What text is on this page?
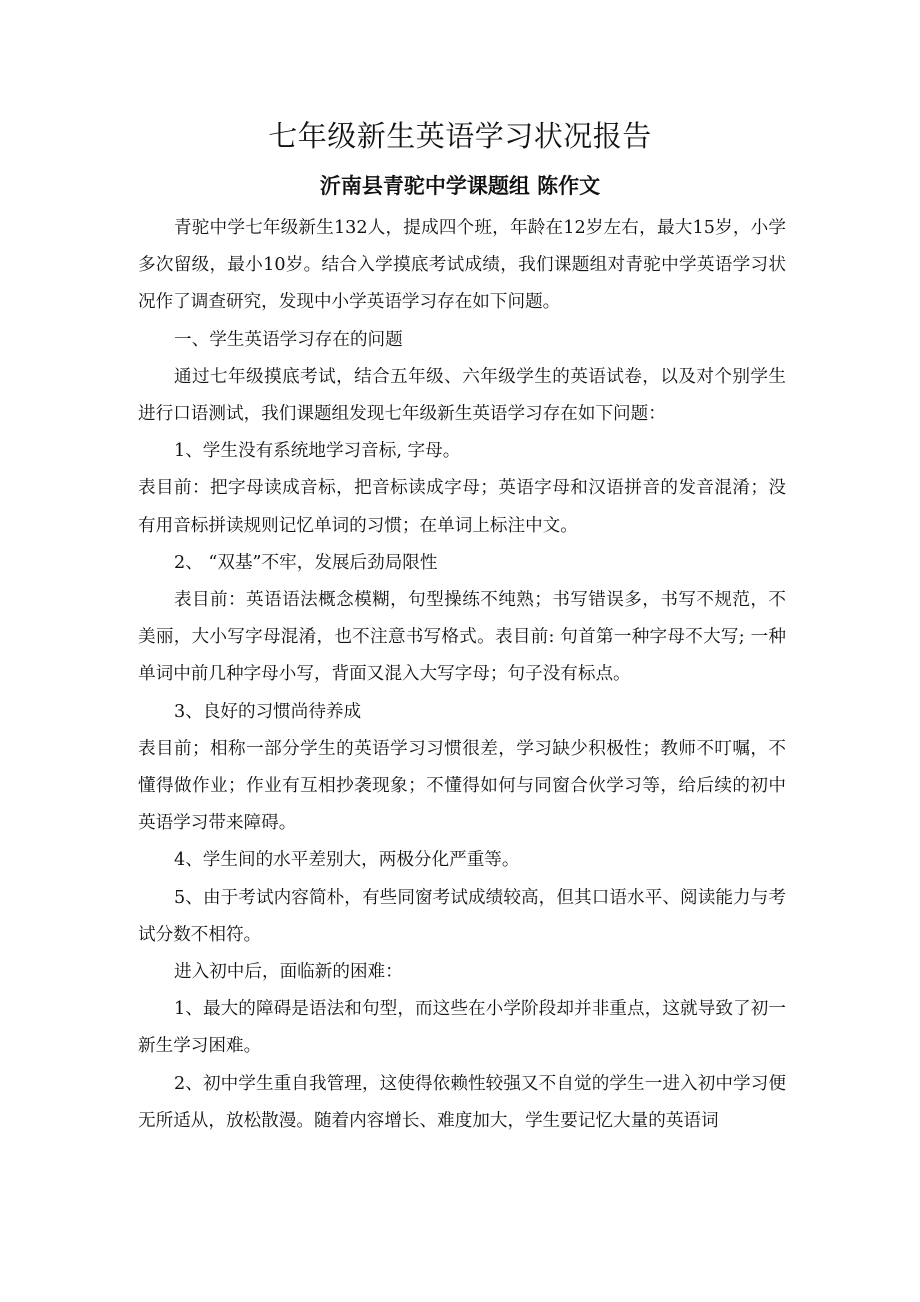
七年级新生英语学习状况报告
沂南县青驼中学课题组 陈作文

青驼中学七年级新生132人，提成四个班，年龄在12岁左右，最大15岁，小学多次留级，最小10岁。结合入学摸底考试成绩，我们课题组对青驼中学英语学习状况作了调查研究，发现中小学英语学习存在如下问题。

一、学生英语学习存在的问题

通过七年级摸底考试，结合五年级、六年级学生的英语试卷，以及对个别学生进行口语测试，我们课题组发现七年级新生英语学习存在如下问题：

1、学生没有系统地学习音标, 字母。

表目前：把字母读成音标，把音标读成字母；英语字母和汉语拼音的发音混淆；没有用音标拼读规则记忆单词的习惯；在单词上标注中文。

2、 “双基”不牢，发展后劲局限性

表目前：英语语法概念模糊，句型操练不纯熟；书写错误多，书写不规范，不美丽，大小写字母混淆，也不注意书写格式。表目前: 句首第一种字母不大写; 一种单词中前几种字母小写，背面又混入大写字母；句子没有标点。

3、良好的习惯尚待养成

表目前；相称一部分学生的英语学习习惯很差，学习缺少积极性；教师不叮嘱，不懂得做作业；作业有互相抄袭现象；不懂得如何与同窗合伙学习等，给后续的初中英语学习带来障碍。

4、学生间的水平差别大，两极分化严重等。

5、由于考试内容简朴，有些同窗考试成绩较高，但其口语水平、阅读能力与考试分数不相符。

进入初中后，面临新的困难：

1、最大的障碍是语法和句型，而这些在小学阶段却并非重点，这就导致了初一新生学习困难。

2、初中学生重自我管理，这使得依赖性较强又不自觉的学生一进入初中学习便无所适从，放松散漫。随着内容增长、难度加大，学生要记忆大量的英语词
